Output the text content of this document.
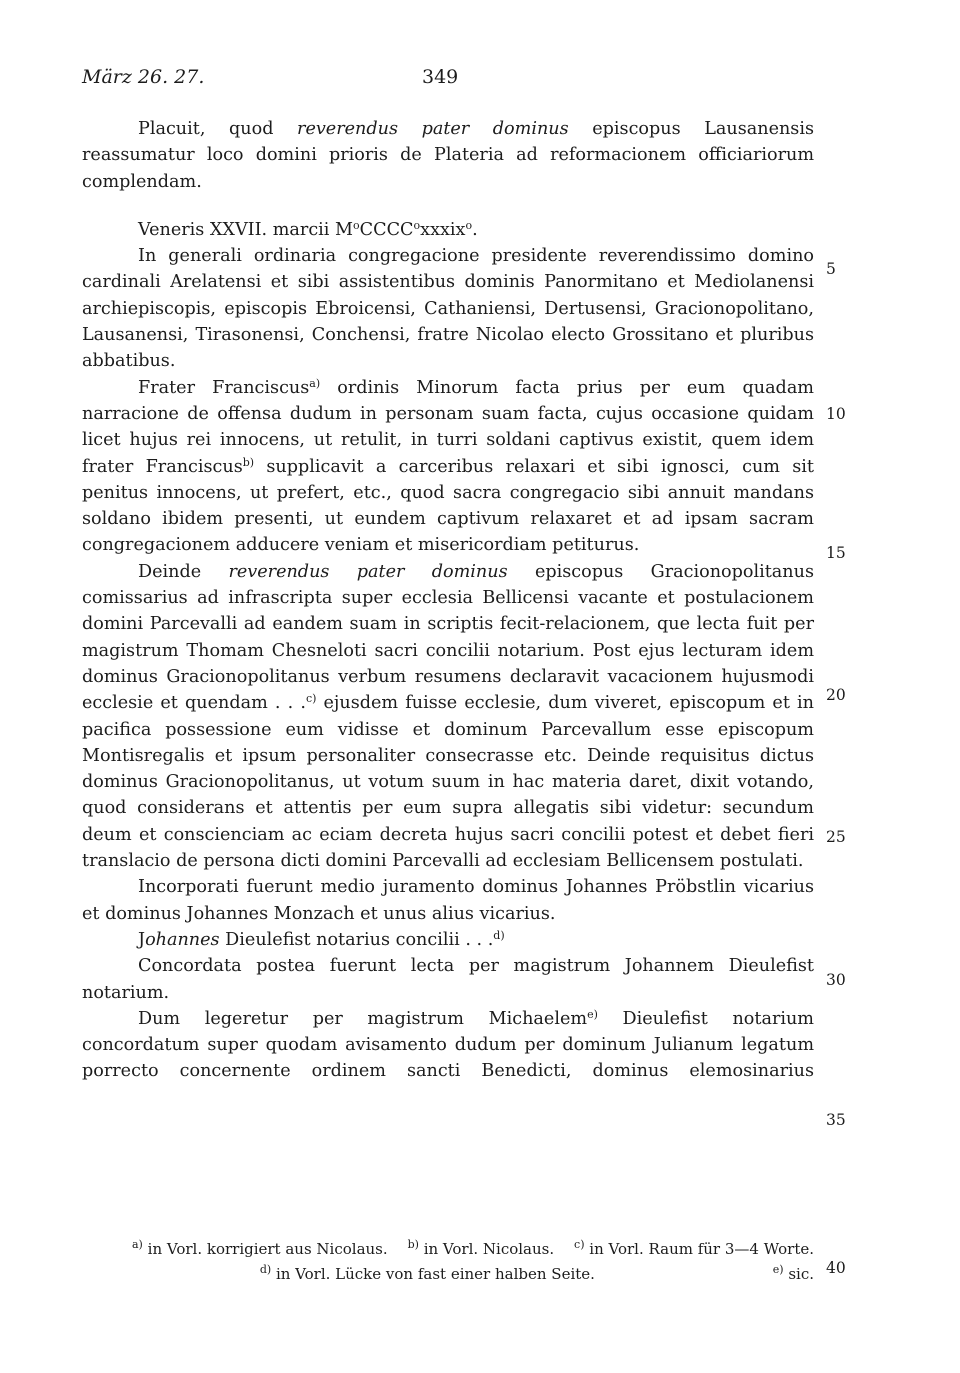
März 26. 27.	349

Placuit, quod reverendus pater dominus episcopus Lausanensis reassumatur loco domini prioris de Plateria ad reformacionem officiariorum complendam.

Veneris XXVII. marcii $M^oCCCC^oxxxix^o$.

In generali ordinaria congregacione presidente reverendissimo domino cardinali Arelatensi et sibi assistentibus dominis Panormitano et Mediolanensi archiepiscopis, episcopis Ebroicensi, Cathaniensi, Dertusensi, Gracionopolitano, Lausanensi, Tirasonensi, Conchensi, fratre Nicolao electo Grossitano et pluribus abbatibus.

Frater Franciscus$^{a)}$ ordinis Minorum facta prius per eum quadam narracione de offensa dudum in personam suam facta, cujus occasione quidam licet hujus rei innocens, ut retulit, in turri soldani captivus existit, quem idem frater Franciscus$^{b)}$ supplicavit a carceribus relaxari et sibi ignosci, cum sit penitus innocens, ut prefert, etc., quod sacra congregacio sibi annuit mandans soldano ibidem presenti, ut eundem captivum relaxaret et ad ipsam sacram congregacionem adducere veniam et misericordiam petiturus.

Deinde reverendus pater dominus episcopus Gracionopolitanus comissarius ad infrascripta super ecclesia Bellicensi vacante et postulacionem domini Parcevalli ad eandem suam in scriptis fecit-relacionem, que lecta fuit per magistrum Thomam Chesneloti sacri concilii notarium. Post ejus lecturam idem dominus Gracionopolitanus verbum resumens declaravit vacacionem hujusmodi ecclesie et quendam . . .$^{c)}$ ejusdem fuisse ecclesie, dum viveret, episcopum et in pacifica possessione eum vidisse et dominum Parcevallum esse episcopum Montisregalis et ipsum personaliter consecrasse etc. Deinde requisitus dictus dominus Gracionopolitanus, ut votum suum in hac materia daret, dixit votando, quod considerans et attentis per eum supra allegatis sibi videtur: secundum deum et conscienciam ac eciam decreta hujus sacri concilii potest et debet fieri translacio de persona dicti domini Parcevalli ad ecclesiam Bellicensem postulati.

Incorporati fuerunt medio juramento dominus Johannes Pröbstlin vicarius et dominus Johannes Monzach et unus alius vicarius.

Johannes Dieulefist notarius concilii . . .$^{d)}$

Concordata postea fuerunt lecta per magistrum Johannem Dieulefist notarium.

Dum legeretur per magistrum Michaelem$^{e)}$ Dieulefist notarium concordatum super quodam avisamento dudum per dominum Julianum legatum porrecto concernente ordinem sancti Benedicti, dominus elemosinarius

5
10
15
20
25
30
35
40
$^{a)}$ in Vorl. korrigiert aus Nicolaus. $^{b)}$ in Vorl. Nicolaus. $^{c)}$ in Vorl. Raum für 3—4 Worte.
$^{d)}$ in Vorl. Lücke von fast einer halben Seite.	$^{e)}$ sic.
